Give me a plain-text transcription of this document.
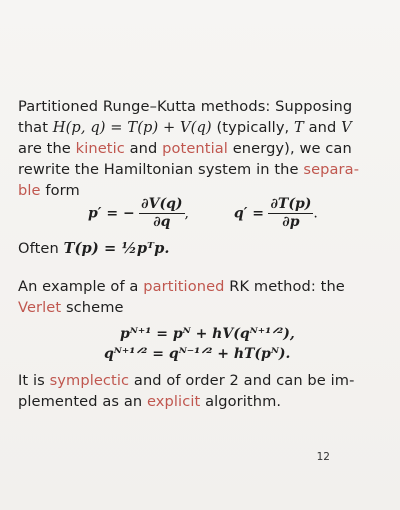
Partitioned Runge–Kutta methods: Supposing that H(p, q) = T(p) + V(q) (typically, T and V are the kinetic and potential energy), we can rewrite the Hamiltonian system in the separa-ble form
p′ = − $\frac{\partial V(q)}{\partial q}$ ,	$q' = \frac{\partial T(p)}{\partial p}$ .
Often T(p) = ½pᵀp.
An example of a partitioned RK method: the Verlet scheme
pᴺ⁺¹ = pᴺ + hV(qᴺ⁺¹ᐟ²),
qᴺ⁺¹ᐟ² = qᴺ⁻¹ᐟ² + hT(pᴺ).
It is symplectic and of order 2 and can be im-plemented as an explicit algorithm.
12
